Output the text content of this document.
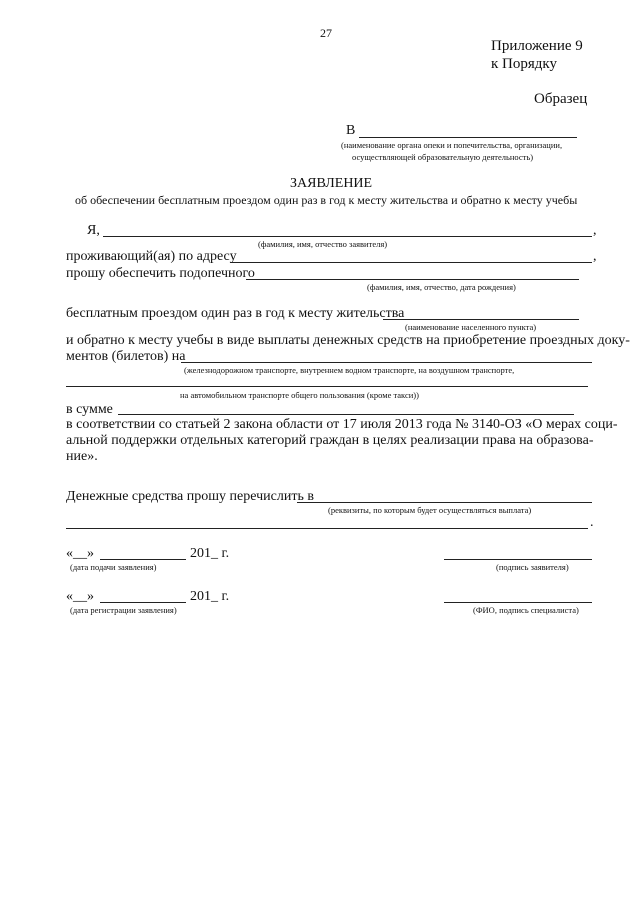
27
Приложение 9
к Порядку
Образец
В
(наименование органа опеки и попечительства, организации,
осуществляющей образовательную деятельность)
ЗАЯВЛЕНИЕ
об обеспечении бесплатным проездом один раз в год к месту жительства и обратно к месту учебы
Я,	,
(фамилия, имя, отчество заявителя)
проживающий(ая) по адресу	,
прошу обеспечить подопечного
(фамилия, имя, отчество, дата рождения)
бесплатным проездом один раз в год к месту жительства
(наименование населенного пункта)
и обратно к месту учебы в виде выплаты денежных средств на приобретение проездных доку-
ментов (билетов) на
(железнодорожном транспорте, внутреннем водном транспорте, на воздушном транспорте,
на автомобильном транспорте общего пользования (кроме такси))
в сумме
в соответствии со статьей 2 закона области от 17 июля 2013 года № 3140-ОЗ «О мерах соци-
альной поддержки отдельных категорий граждан в целях реализации права на образова-
ние».
Денежные средства прошу перечислить в
(реквизиты, по которым будет осуществляться выплата)
.
«__»	201_ г.
(дата подачи заявления)	(подпись заявителя)
«__»	201_ г.
(дата регистрации заявления)	(ФИО, подпись специалиста)
